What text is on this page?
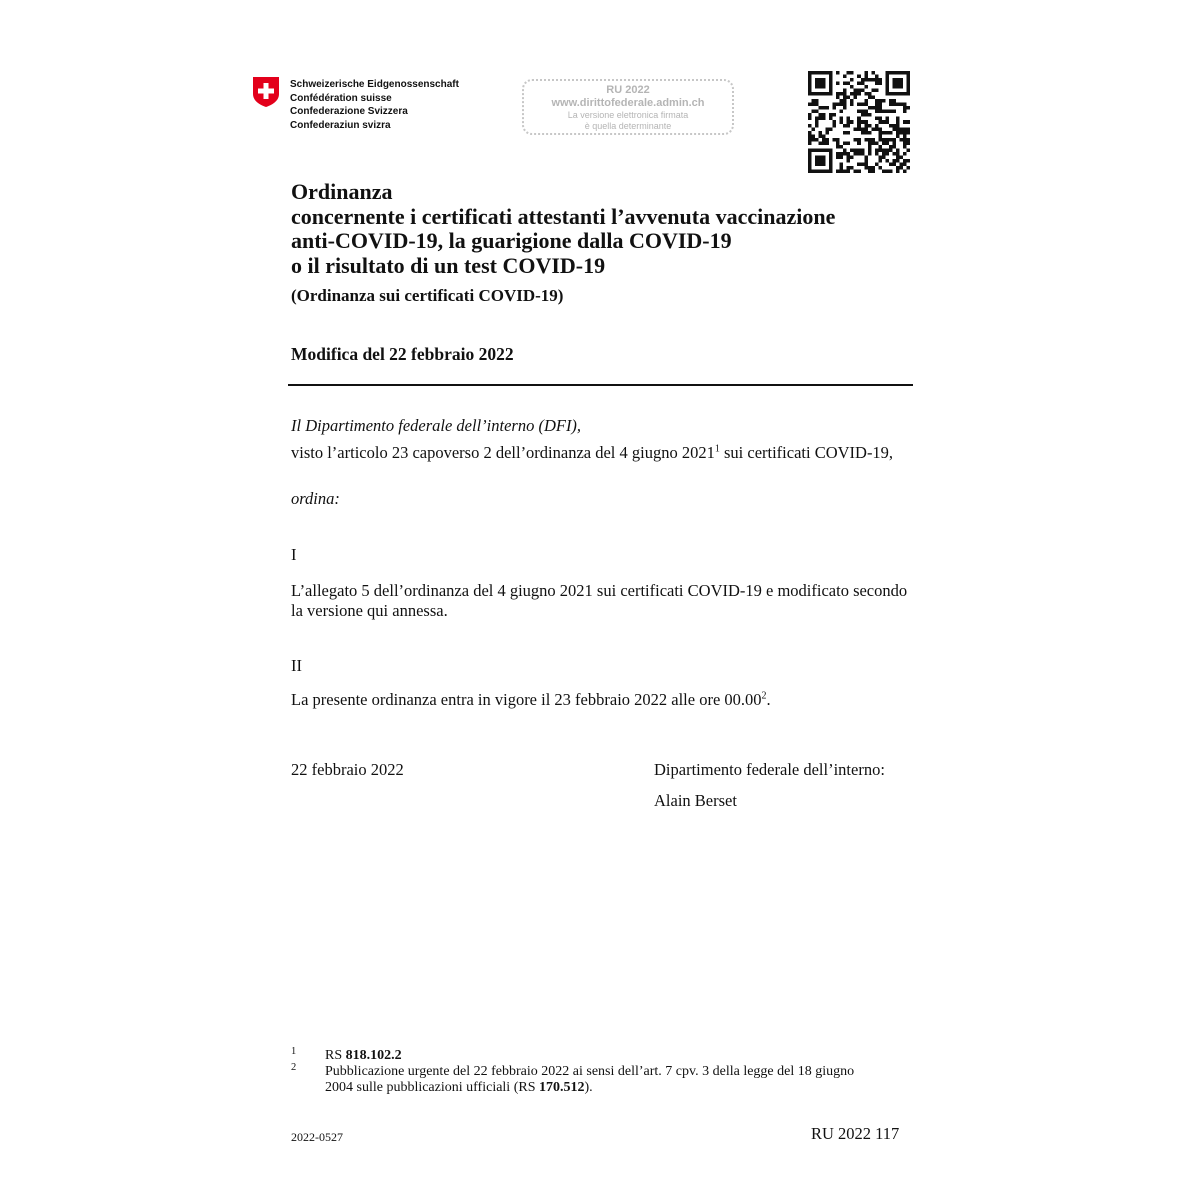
Schweizerische Eidgenossenschaft
Confédération suisse
Confederazione Svizzera
Confederaziun svizra
RU 2022
www.dirittofederale.admin.ch
La versione elettronica firmata
è quella determinante
Ordinanza
concernente i certificati attestanti l’avvenuta vaccinazione
anti-COVID-19, la guarigione dalla COVID-19
o il risultato di un test COVID-19
(Ordinanza sui certificati COVID-19)
Modifica del 22 febbraio 2022
Il Dipartimento federale dell’interno (DFI),
visto l’articolo 23 capoverso 2 dell’ordinanza del 4 giugno 2021$^1$ sui certificati COVID-19,
ordina:
I
L’allegato 5 dell’ordinanza del 4 giugno 2021 sui certificati COVID-19 e modificato secondo la versione qui annessa.
II
La presente ordinanza entra in vigore il 23 febbraio 2022 alle ore 00.00$^2$.
22 febbraio 2022	Dipartimento federale dell’interno:
Alain Berset
1 RS 818.102.2
2 Pubblicazione urgente del 22 febbraio 2022 ai sensi dell’art. 7 cpv. 3 della legge del 18 giugno 2004 sulle pubblicazioni ufficiali (RS 170.512).
2022-0527	RU 2022 117
